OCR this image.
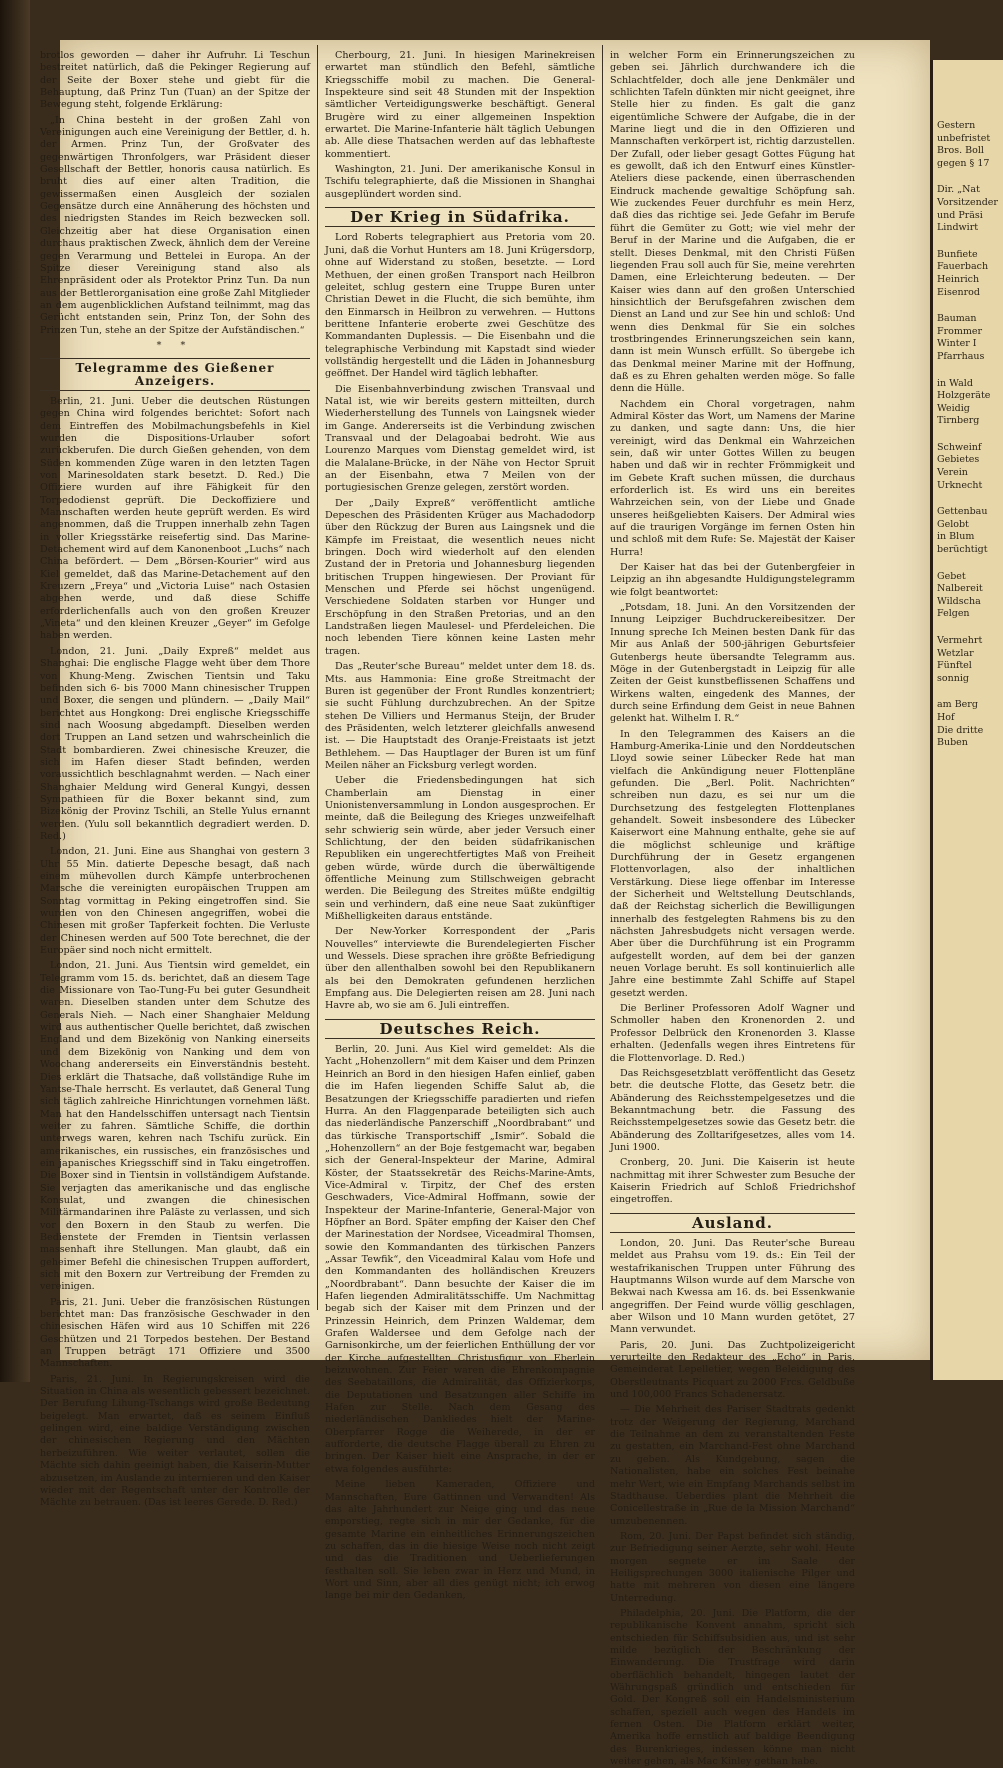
brotlos geworden — daher ihr Aufruhr. Li Teschun bestreitet natürlich, daß die Pekinger Regierung auf der Seite der Boxer stehe und giebt für die Behauptung, daß Prinz Tun (Tuan) an der Spitze der Bewegung steht, folgende Erklärung:

„In China besteht in der großen Zahl von Vereinigungen auch eine Vereinigung der Bettler, d. h. der Armen. Prinz Tun, der Großvater des gegenwärtigen Thronfolgers, war Präsident dieser Gesellschaft der Bettler, honoris causa natürlich. Es bruht dies auf einer alten Tradition, die gewissermaßen einen Ausgleich der sozialen Gegensätze durch eine Annäherung des höchsten und des niedrigsten Standes im Reich bezwecken soll. Gleichzeitig aber hat diese Organisation einen durchaus praktischen Zweck, ähnlich dem der Vereine gegen Verarmung und Bettelei in Europa. An der Spitze dieser Vereinigung stand also als Ehrenpräsident oder als Protektor Prinz Tun. Da nun aus der Bettlerorganisation eine große Zahl Mitglieder an dem augenblicklichen Aufstand teilnimmt, mag das Gerücht entstanden sein, Prinz Ton, der Sohn des Prinzen Tun, stehe an der Spitze der Aufständischen.“

* *
Telegramme des Gießener Anzeigers.

Berlin, 21. Juni. Ueber die deutschen Rüstungen gegen China wird folgendes berichtet: Sofort nach dem Eintreffen des Mobilmachungsbefehls in Kiel wurden die Dispositions-Urlauber sofort zurückberufen. Die durch Gießen gehenden, von dem Süden kommenden Züge waren in den letzten Tagen von Marinesoldaten stark besetzt. D. Red.) Die Offiziere wurden auf ihre Fähigkeit für den Torpedodienst geprüft. Die Deckoffiziere und Mannschaften werden heute geprüft werden. Es wird angenommen, daß die Truppen innerhalb zehn Tagen in voller Kriegsstärke reisefertig sind. Das Marine-Detachement wird auf dem Kanonenboot „Luchs“ nach China befördert. — Dem „Börsen-Kourier“ wird aus Kiel gemeldet, daß das Marine-Detachement auf den Kreuzern „Freya“ und „Victoria Luise“ nach Ostasien abgehen werde, und daß diese Schiffe erforderlichenfalls auch von den großen Kreuzer „Vineta“ und den kleinen Kreuzer „Geyer“ im Gefolge haben werden.

London, 21. Juni. „Daily Expreß“ meldet aus Shanghai: Die englische Flagge weht über dem Thore von Khung-Meng. Zwischen Tientsin und Taku befinden sich 6- bis 7000 Mann chinesischer Truppen und Boxer, die sengen und plündern. — „Daily Mail“ berichtet aus Hongkong: Drei englische Kriegsschiffe sind nach Woosung abgedampft. Dieselben werden dort Truppen an Land setzen und wahrscheinlich die Stadt bombardieren. Zwei chinesische Kreuzer, die sich im Hafen dieser Stadt befinden, werden voraussichtlich beschlagnahmt werden. — Nach einer Shanghaier Meldung wird General Kungyi, dessen Sympathieen für die Boxer bekannt sind, zum Bizekönig der Provinz Tschili, an Stelle Yulus ernannt werden. (Yulu soll bekanntlich degradiert werden. D. Red.)

London, 21. Juni. Eine aus Shanghai von gestern 3 Uhr 55 Min. datierte Depesche besagt, daß nach einem mühevollen durch Kämpfe unterbrochenen Marsche die vereinigten europäischen Truppen am Sonntag vormittag in Peking eingetroffen sind. Sie wurden von den Chinesen angegriffen, wobei die Chinesen mit großer Tapferkeit fochten. Die Verluste der Chinesen werden auf 500 Tote berechnet, die der Europäer sind noch nicht ermittelt.

London, 21. Juni. Aus Tientsin wird gemeldet, ein Telegramm vom 15. ds. berichtet, daß an diesem Tage die Missionare von Tao-Tung-Fu bei guter Gesundheit waren. Dieselben standen unter dem Schutze des Generals Nieh. — Nach einer Shanghaier Meldung wird aus authentischer Quelle berichtet, daß zwischen England und dem Bizekönig von Nanking einerseits und dem Bizekönig von Nanking und dem von Woochang andererseits ein Einverständnis besteht. Dies erklärt die Thatsache, daß vollständige Ruhe im Yantse-Thale herrscht. Es verlautet, daß General Tung sich täglich zahlreiche Hinrichtungen vornehmen läßt. Man hat den Handelsschiffen untersagt nach Tientsin weiter zu fahren. Sämtliche Schiffe, die dorthin unterwegs waren, kehren nach Tschifu zurück. Ein amerikanisches, ein russisches, ein französisches und ein japanisches Kriegsschiff sind in Taku eingetroffen. Die Boxer sind in Tientsin in vollständigem Aufstande. Sie verjagten das amerikanische und das englische Konsulat, und zwangen die chinesischen Militärmandarinen ihre Paläste zu verlassen, und sich vor den Boxern in den Staub zu werfen. Die Bedienstete der Fremden in Tientsin verlassen massenhaft ihre Stellungen. Man glaubt, daß ein geheimer Befehl die chinesischen Truppen auffordert, sich mit den Boxern zur Vertreibung der Fremden zu vereinigen.

Paris, 21. Juni. Ueber die französischen Rüstungen berichtet man: Das französische Geschwader in den chinesischen Häfen wird aus 10 Schiffen mit 226 Geschützen und 21 Torpedos bestehen. Der Bestand an Truppen beträgt 171 Offiziere und 3500 Mannschaften.

Paris, 21. Juni. In Regierungskreisen wird die Situation in China als wesentlich gebessert bezeichnet. Der Berufung Lihung-Tschangs wird große Bedeutung beigelegt. Man erwartet, daß es seinem Einfluß gelingen wird, eine baldige Verständigung zwischen der chinesischen Regierung und den Mächten herbeizuführen. Wie weiter verlautet, sollen die Mächte sich dahin geeinigt haben, die Kaiserin-Mutter abzusetzen, im Auslande zu internieren und den Kaiser wieder mit der Regentschaft unter der Kontrolle der Mächte zu betrauen. (Das ist leeres Gerede. D. Red.)

Cherbourg, 21. Juni. In hiesigen Marinekreisen erwartet man stündlich den Befehl, sämtliche Kriegsschiffe mobil zu machen. Die General-Inspekteure sind seit 48 Stunden mit der Inspektion sämtlicher Verteidigungswerke beschäftigt. General Brugère wird zu einer allgemeinen Inspektion erwartet. Die Marine-Infanterie hält täglich Uebungen ab. Alle diese Thatsachen werden auf das lebhafteste kommentiert.

Washington, 21. Juni. Der amerikanische Konsul in Tschifu telegraphierte, daß die Missionen in Shanghai ausgeplündert worden sind.

Der Krieg in Südafrika.

Lord Roberts telegraphiert aus Pretoria vom 20. Juni, daß die Vorhut Hunters am 18. Juni Krügersdorp, ohne auf Widerstand zu stoßen, besetzte. — Lord Methuen, der einen großen Transport nach Heilbron geleitet, schlug gestern eine Truppe Buren unter Christian Dewet in die Flucht, die sich bemühte, ihm den Einmarsch in Heilbron zu verwehren. — Huttons berittene Infanterie eroberte zwei Geschütze des Kommandanten Duplessis. — Die Eisenbahn und die telegraphische Verbindung mit Kapstadt sind wieder vollständig hergestellt und die Läden in Johannesburg geöffnet. Der Handel wird täglich lebhafter.

Die Eisenbahnverbindung zwischen Transvaal und Natal ist, wie wir bereits gestern mitteilten, durch Wiederherstellung des Tunnels von Laingsnek wieder im Gange. Andererseits ist die Verbindung zwischen Transvaal und der Delagoabai bedroht. Wie aus Lourenzo Marques vom Dienstag gemeldet wird, ist die Malalane-Brücke, in der Nähe von Hector Spruit an der Eisenbahn, etwa 7 Meilen von der portugiesischen Grenze gelegen, zerstört worden.

Der „Daily Expreß“ veröffentlicht amtliche Depeschen des Präsidenten Krüger aus Machadodorp über den Rückzug der Buren aus Laingsnek und die Kämpfe im Freistaat, die wesentlich neues nicht bringen. Doch wird wiederholt auf den elenden Zustand der in Pretoria und Johannesburg liegenden britischen Truppen hingewiesen. Der Proviant für Menschen und Pferde sei höchst ungenügend. Verschiedene Soldaten starben vor Hunger und Erschöpfung in den Straßen Pretorias, und an den Landstraßen liegen Maulesel- und Pferdeleichen. Die noch lebenden Tiere können keine Lasten mehr tragen.

Das „Reuter'sche Bureau“ meldet unter dem 18. ds. Mts. aus Hammonia: Eine große Streitmacht der Buren ist gegenüber der Front Rundles konzentriert; sie sucht Fühlung durchzubrechen. An der Spitze stehen De Villiers und Hermanus Steijn, der Bruder des Präsidenten, welch letzterer gleichfalls anwesend ist. — Die Hauptstadt des Oranje-Freistaats ist jetzt Bethlehem. — Das Hauptlager der Buren ist um fünf Meilen näher an Ficksburg verlegt worden.

Ueber die Friedensbedingungen hat sich Chamberlain am Dienstag in einer Unionistenversammlung in London ausgesprochen. Er meinte, daß die Beilegung des Krieges unzweifelhaft sehr schwierig sein würde, aber jeder Versuch einer Schlichtung, der den beiden südafrikanischen Republiken ein ungerechtfertigtes Maß von Freiheit geben würde, würde durch die überwältigende öffentliche Meinung zum Stillschweigen gebracht werden. Die Beilegung des Streites müßte endgiltig sein und verhindern, daß eine neue Saat zukünftiger Mißhelligkeiten daraus entstände.

Der New-Yorker Korrespondent der „Paris Nouvelles“ interviewte die Burendelegierten Fischer und Wessels. Diese sprachen ihre größte Befriedigung über den allenthalben sowohl bei den Republikanern als bei den Demokraten gefundenen herzlichen Empfang aus. Die Delegierten reisen am 28. Juni nach Havre ab, wo sie am 6. Juli eintreffen.

Deutsches Reich.

Berlin, 20. Juni. Aus Kiel wird gemeldet: Als die Yacht „Hohenzollern“ mit dem Kaiser und dem Prinzen Heinrich an Bord in den hiesigen Hafen einlief, gaben die im Hafen liegenden Schiffe Salut ab, die Besatzungen der Kriegsschiffe paradierten und riefen Hurra. An den Flaggenparade beteiligten sich auch das niederländische Panzerschiff „Noordbrabant“ und das türkische Transportschiff „Ismir“. Sobald die „Hohenzollern“ an der Boje festgemacht war, begaben sich der General-Inspekteur der Marine, Admiral Köster, der Staatssekretär des Reichs-Marine-Amts, Vice-Admiral v. Tirpitz, der Chef des ersten Geschwaders, Vice-Admiral Hoffmann, sowie der Inspekteur der Marine-Infanterie, General-Major von Höpfner an Bord. Später empfing der Kaiser den Chef der Marinestation der Nordsee, Viceadmiral Thomsen, sowie den Kommandanten des türkischen Panzers „Assar Tewfik“, den Viceadmiral Kalau vom Hofe und den Kommandanten des holländischen Kreuzers „Noordbrabant“. Dann besuchte der Kaiser die im Hafen liegenden Admiralitätsschiffe. Um Nachmittag begab sich der Kaiser mit dem Prinzen und der Prinzessin Heinrich, dem Prinzen Waldemar, dem Grafen Waldersee und dem Gefolge nach der Garnisonkirche, um der feierlichen Enthüllung der vor der Kirche aufgestellten Christusfigur von Eberlein beizuwohnen. Zur Feier waren die Ehrenkompagnie des Seebataillons, die Admiralität, das Offizierkorps, die Deputationen und Besatzungen aller Schiffe im Hafen zur Stelle. Nach dem Gesang des niederländischen Dankliedes hielt der Marine-Oberpfarrer Rogge die Weiherede, in der er aufforderte, die deutsche Flagge überall zu Ehren zu bringen. Der Kaiser hielt eine Ansprache, in der er etwa folgendes ausführte:

Meine lieben Kameraden, Offiziere und Mannschaften, Eure Gattinnen und Verwandten! Als das alte Jahrhundert zur Neige ging und das neue emporstieg, regte sich in mir der Gedanke, für die gesamte Marine ein einheitliches Erinnerungszeichen zu schaffen, das in die hiesige Weise noch nicht zeigt und das die Traditionen und Ueberlieferungen festhalten soll. Sie leben zwar in Herz und Mund, in Wort und Sinn, aber all dies genügt nicht; ich erwog lange bei mir den Gedanken,

in welcher Form ein Erinnerungszeichen zu geben sei. Jährlich durchwandere ich die Schlachtfelder, doch alle jene Denkmäler und schlichten Tafeln dünkten mir nicht geeignet, ihre Stelle hier zu finden. Es galt die ganz eigentümliche Schwere der Aufgabe, die in der Marine liegt und die in den Offizieren und Mannschaften verkörpert ist, richtig darzustellen. Der Zufall, oder lieber gesagt Gottes Fügung hat es gewollt, daß ich den Entwurf eines Künstler-Ateliers diese packende, einen überraschenden Eindruck machende gewaltige Schöpfung sah. Wie zuckendes Feuer durchfuhr es mein Herz, daß dies das richtige sei. Jede Gefahr im Berufe führt die Gemüter zu Gott; wie viel mehr der Beruf in der Marine und die Aufgaben, die er stellt. Dieses Denkmal, mit den Christi Füßen liegenden Frau soll auch für Sie, meine verehrten Damen, eine Erleichterung bedeuten. — Der Kaiser wies dann auf den großen Unterschied hinsichtlich der Berufsgefahren zwischen dem Dienst an Land und zur See hin und schloß: Und wenn dies Denkmal für Sie ein solches trostbringendes Erinnerungszeichen sein kann, dann ist mein Wunsch erfüllt. So übergebe ich das Denkmal meiner Marine mit der Hoffnung, daß es zu Ehren gehalten werden möge. So falle denn die Hülle.

Nachdem ein Choral vorgetragen, nahm Admiral Köster das Wort, um Namens der Marine zu danken, und sagte dann: Uns, die hier vereinigt, wird das Denkmal ein Wahrzeichen sein, daß wir unter Gottes Willen zu beugen haben und daß wir in rechter Frömmigkeit und im Gebete Kraft suchen müssen, die durchaus erforderlich ist. Es wird uns ein bereites Wahrzeichen sein, von der Liebe und Gnade unseres heißgeliebten Kaisers. Der Admiral wies auf die traurigen Vorgänge im fernen Osten hin und schloß mit dem Rufe: Se. Majestät der Kaiser Hurra!

Der Kaiser hat das bei der Gutenbergfeier in Leipzig an ihn abgesandte Huldigungstelegramm wie folgt beantwortet:

„Potsdam, 18. Juni. An den Vorsitzenden der Innung Leipziger Buchdruckereibesitzer. Der Innung spreche Ich Meinen besten Dank für das Mir aus Anlaß der 500-jährigen Geburtsfeier Gutenbergs heute übersandte Telegramm aus. Möge in der Gutenbergstadt in Leipzig für alle Zeiten der Geist kunstbeflissenen Schaffens und Wirkens walten, eingedenk des Mannes, der durch seine Erfindung dem Geist in neue Bahnen gelenkt hat. Wilhelm I. R.“

In den Telegrammen des Kaisers an die Hamburg-Amerika-Linie und den Norddeutschen Lloyd sowie seiner Lübecker Rede hat man vielfach die Ankündigung neuer Flottenpläne gefunden. Die „Berl. Polit. Nachrichten“ schreiben nun dazu, es sei nur um die Durchsetzung des festgelegten Flottenplanes gehandelt. Soweit insbesondere des Lübecker Kaiserwort eine Mahnung enthalte, gehe sie auf die möglichst schleunige und kräftige Durchführung der in Gesetz ergangenen Flottenvorlagen, also der inhaltlichen Verstärkung. Diese liege offenbar im Interesse der Sicherheit und Weltstellung Deutschlands, daß der Reichstag sicherlich die Bewilligungen innerhalb des festgelegten Rahmens bis zu den nächsten Jahresbudgets nicht versagen werde. Aber über die Durchführung ist ein Programm aufgestellt worden, auf dem bei der ganzen neuen Vorlage beruht. Es soll kontinuierlich alle Jahre eine bestimmte Zahl Schiffe auf Stapel gesetzt werden.

Die Berliner Professoren Adolf Wagner und Schmoller haben den Kronenorden 2. und Professor Delbrück den Kronenorden 3. Klasse erhalten. (Jedenfalls wegen ihres Eintretens für die Flottenvorlage. D. Red.)

Das Reichsgesetzblatt veröffentlicht das Gesetz betr. die deutsche Flotte, das Gesetz betr. die Abänderung des Reichsstempelgesetzes und die Bekanntmachung betr. die Fassung des Reichsstempelgesetzes sowie das Gesetz betr. die Abänderung des Zolltarifgesetzes, alles vom 14. Juni 1900.

Cronberg, 20. Juni. Die Kaiserin ist heute nachmittag mit ihrer Schwester zum Besuche der Kaiserin Friedrich auf Schloß Friedrichshof eingetroffen.

Ausland.

London, 20. Juni. Das Reuter'sche Bureau meldet aus Prahsu vom 19. ds.: Ein Teil der westafrikanischen Truppen unter Führung des Hauptmanns Wilson wurde auf dem Marsche von Bekwai nach Kwessa am 16. ds. bei Essenkwanie angegriffen. Der Feind wurde völlig geschlagen, aber Wilson und 10 Mann wurden getötet, 27 Mann verwundet.

Paris, 20. Juni. Das Zuchtpolizeigericht verurteilte den Redakteur des „Echo“ in Paris, Gemeinderat Lepelletier, wegen Beleidigung des Oberstleutnants Picquart zu 2000 Frcs. Geldbuße und 100,000 Francs Schadenersatz.

— Die Mehrheit des Pariser Stadtrats gedenkt trotz der Weigerung der Regierung, Marchand die Teilnahme an dem zu veranstaltenden Feste zu gestatten, ein Marchand-Fest ohne Marchand zu geben. Als Kundgebung, sagen die Nationalisten, habe ein solches Fest beinahe mehr Wert, wie ein Empfang Marchands selbst im Stadthause. Ueberdies plant die Mehrheit die Conicellestraße in „Rue de la Mission Marchand“ umzubenennen.

Rom, 20. Juni. Der Papst befindet sich ständig, zur Befriedigung seiner Aerzte, sehr wohl. Heute morgen segnete er im Saale der Heiligsprechungen 3000 italienische Pilger und hatte mit mehreren von diesen eine längere Unterredung.

Philadelphia, 20. Juni. Die Platform, die der republikanische Konvent annahm, spricht sich entschieden für Schiffsubsidien aus, und ist sehr milde bezüglich der Beschränkung der Einwanderung. Die Trustfrage wird darin oberflächlich behandelt, hingegen lautet der Währungspaß gründlich und entschieden für Gold. Der Kongreß soll ein Handelsministerium schaffen, speziell auch wegen des Handels im fernen Osten. Die Platform erklärt weiter, Amerika hoffe ernstlich auf baldige Beendigung des Burenkrieges, indessen könne man nicht weiter gehen, als Mac Kinley gethan habe.

Gestern
unbefristet
Bros. Boll
gegen § 17
Dir. „Nat
Vorsitzender
und Präsi
Lindwirt
Bunfiete
Fauerbach
Heinrich
Eisenrod
Bauman
Frommer
Winter I
Pfarrhaus
in Wald
Holzgeräte
Weidig
Tirnberg
Schweinf
Gebietes
Verein
Urknecht
Gettenbau
Gelobt
in Blum
berüchtigt
Gebet
Nalbereit
Wildscha
Felgen
Vermehrt
Wetzlar
Fünftel
sonnig
am Berg
Hof
Die dritte
Buben
